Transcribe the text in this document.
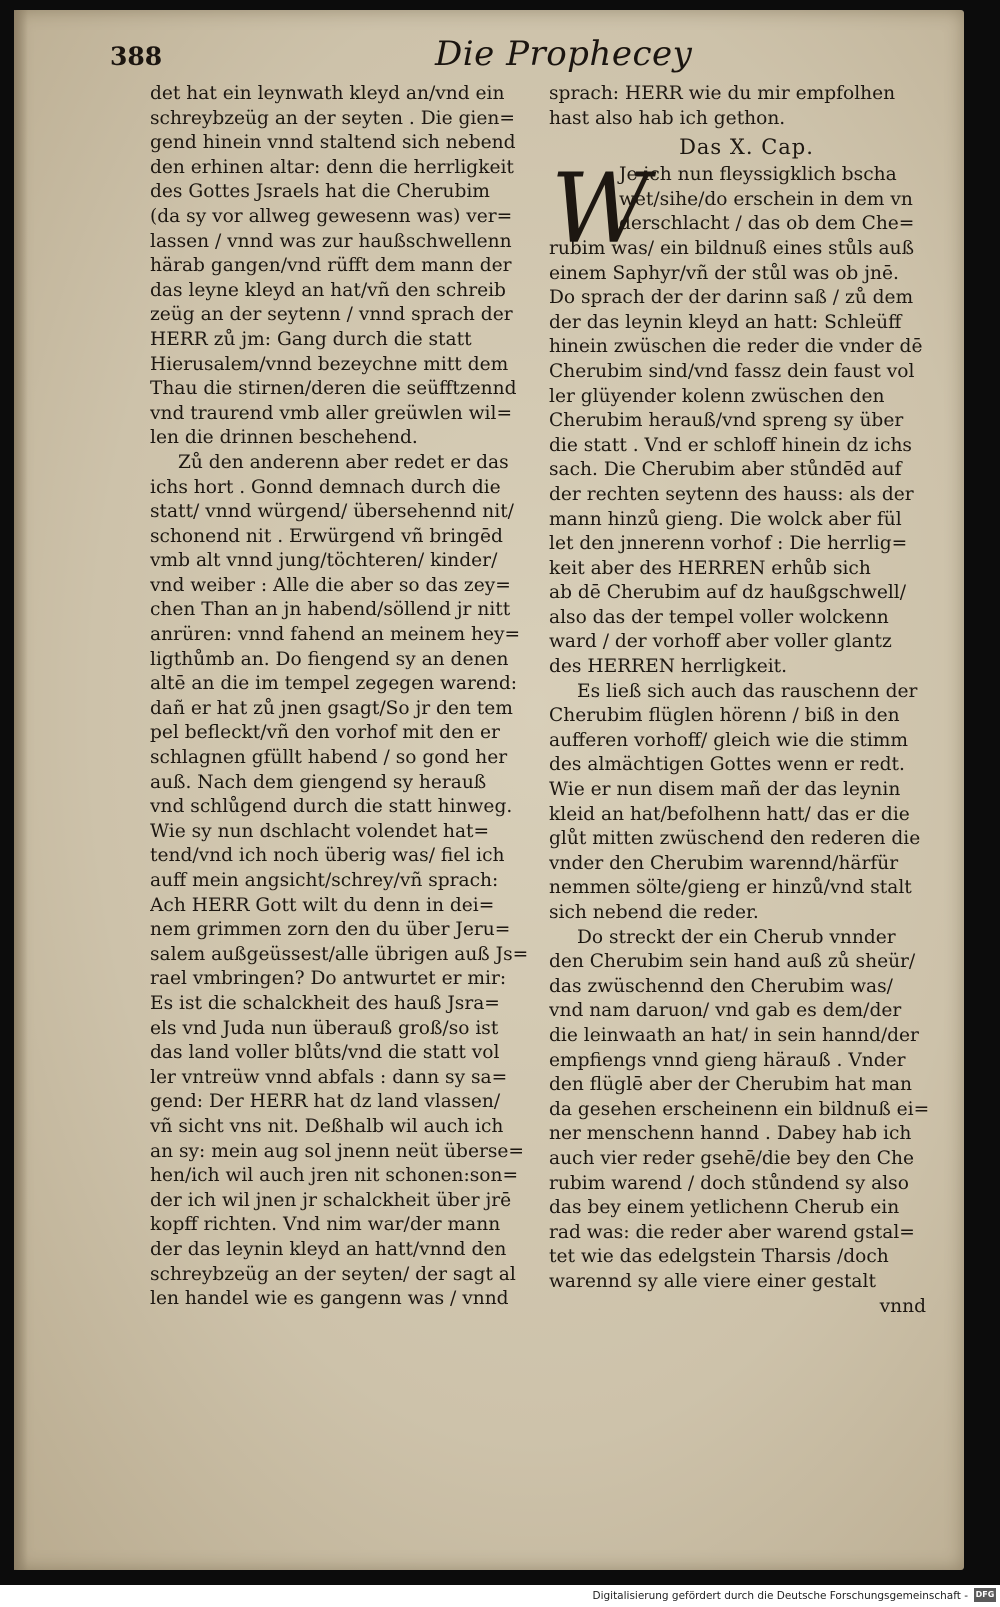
388	Die Prophecey
det hat ein leynwath kleyd an/vnd ein
schreybzeüg an der seyten . Die gien=
gend hinein vnnd staltend sich nebend
den erhinen altar: denn die herrligkeit
des Gottes Jsraels hat die Cherubim
(da sy vor allweg gewesenn was) ver=
lassen / vnnd was zur haußschwellenn
härab gangen/vnd rüfft dem mann der
das leyne kleyd an hat/vñ den schreib
zeüg an der seytenn / vnnd sprach der
HERR zů jm: Gang durch die statt
Hierusalem/vnnd bezeychne mitt dem
Thau die stirnen/deren die seüfftzennd
vnd traurend vmb aller greüwlen wil=
len die drinnen beschehend.
Zů den anderenn aber redet er das
ichs hort . Gonnd demnach durch die
statt/ vnnd würgend/ übersehennd nit/
schonend nit . Erwürgend vñ bringēd
vmb alt vnnd jung/töchteren/ kinder/
vnd weiber : Alle die aber so das zey=
chen Than an jn habend/söllend jr nitt
anrüren: vnnd fahend an meinem hey=
ligthůmb an. Do fiengend sy an denen
altē an die im tempel zegegen warend:
dañ er hat zů jnen gsagt/So jr den tem
pel befleckt/vñ den vorhof mit den er
schlagnen gfüllt habend / so gond her
auß. Nach dem giengend sy herauß
vnd schlůgend durch die statt hinweg.
Wie sy nun dschlacht volendet hat=
tend/vnd ich noch überig was/ fiel ich
auff mein angsicht/schrey/vñ sprach:
Ach HERR Gott wilt du denn in dei=
nem grimmen zorn den du über Jeru=
salem außgeüssest/alle übrigen auß Js=
rael vmbringen? Do antwurtet er mir:
Es ist die schalckheit des hauß Jsra=
els vnd Juda nun überauß groß/so ist
das land voller blůts/vnd die statt vol
ler vntreüw vnnd abfals : dann sy sa=
gend: Der HERR hat dz land vlassen/
vñ sicht vns nit. Deßhalb wil auch ich
an sy: mein aug sol jnenn neüt überse=
hen/ich wil auch jren nit schonen:son=
der ich wil jnen jr schalckheit über jrē
kopff richten. Vnd nim war/der mann
der das leynin kleyd an hatt/vnnd den
schreybzeüg an der seyten/ der sagt al
len handel wie es gangenn was / vnnd
sprach: HERR wie du mir empfolhen
hast also hab ich gethon.
Das X. Cap.
W
Je ich nun fleyssigklich bscha
wet/sihe/do erschein in dem vn
derschlacht / das ob dem Che=
rubim was/ ein bildnuß eines stůls auß
einem Saphyr/vñ der stůl was ob jnē.
Do sprach der der darinn saß / zů dem
der das leynin kleyd an hatt: Schleüff
hinein zwüschen die reder die vnder dē
Cherubim sind/vnd fassz dein faust vol
ler glüyender kolenn zwüschen den
Cherubim herauß/vnd spreng sy über
die statt . Vnd er schloff hinein dz ichs
sach. Die Cherubim aber stůndēd auf
der rechten seytenn des hauss: als der
mann hinzů gieng. Die wolck aber fül
let den jnnerenn vorhof : Die herrlig=
keit aber des HERREN erhůb sich
ab dē Cherubim auf dz haußgschwell/
also das der tempel voller wolckenn
ward / der vorhoff aber voller glantz
des HERREN herrligkeit.
Es ließ sich auch das rauschenn der
Cherubim flüglen hörenn / biß in den
aufferen vorhoff/ gleich wie die stimm
des almächtigen Gottes wenn er redt.
Wie er nun disem mañ der das leynin
kleid an hat/befolhenn hatt/ das er die
glůt mitten zwüschend den rederen die
vnder den Cherubim warennd/härfür
nemmen sölte/gieng er hinzů/vnd stalt
sich nebend die reder.
Do streckt der ein Cherub vnnder
den Cherubim sein hand auß zů sheür/
das zwüschennd den Cherubim was/
vnd nam daruon/ vnd gab es dem/der
die leinwaath an hat/ in sein hannd/der
empfiengs vnnd gieng härauß . Vnder
den flüglē aber der Cherubim hat man
da gesehen erscheinenn ein bildnuß ei=
ner menschenn hannd . Dabey hab ich
auch vier reder gsehē/die bey den Che
rubim warend / doch stůndend sy also
das bey einem yetlichenn Cherub ein
rad was: die reder aber warend gstal=
tet wie das edelgstein Tharsis /doch
warennd sy alle viere einer gestalt
vnnd
Digitalisierung gefördert durch die Deutsche Forschungsgemeinschaft - DFG
